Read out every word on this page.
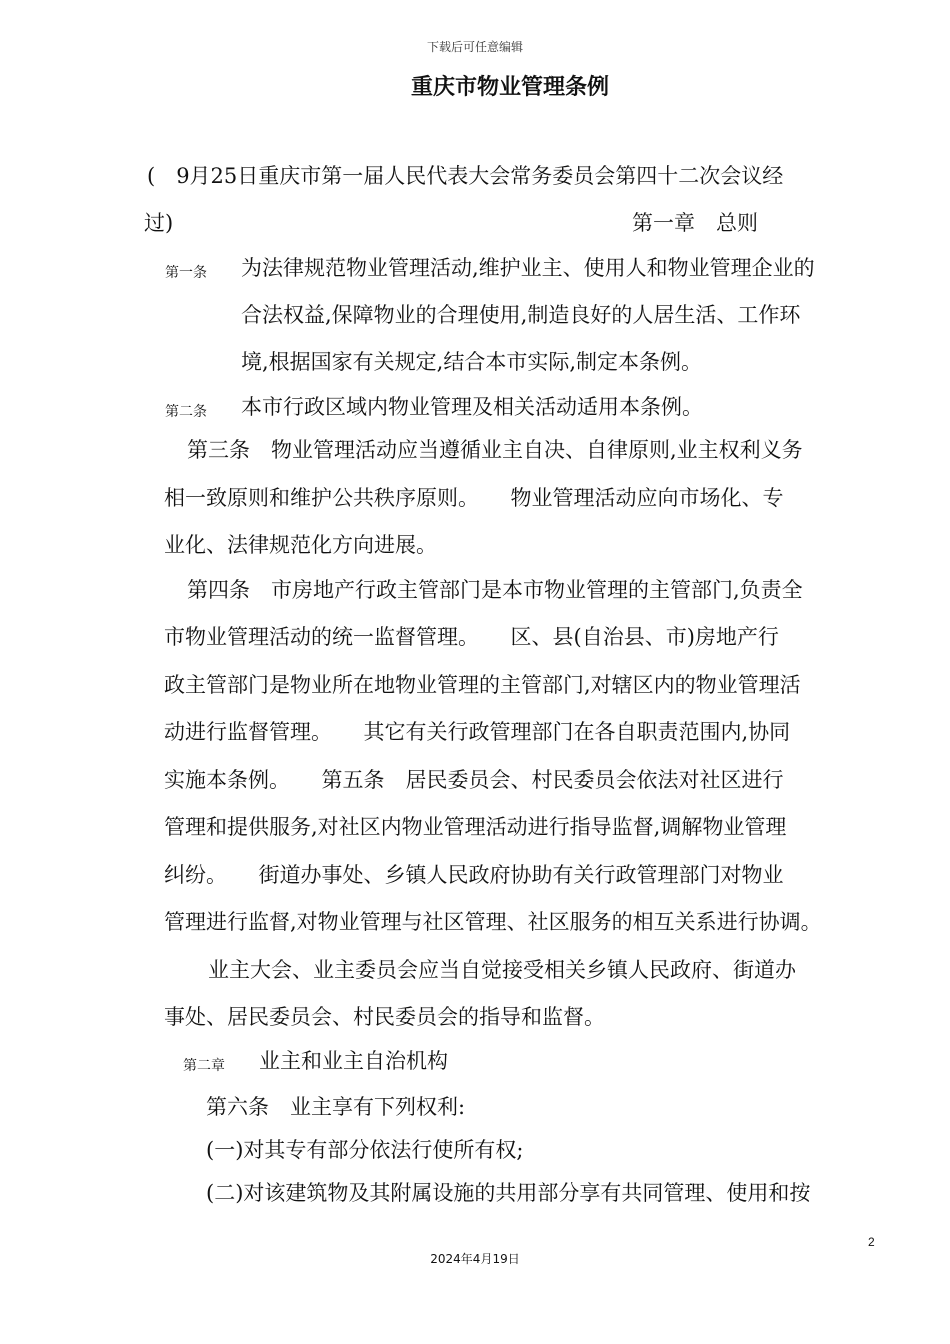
下载后可任意编辑
重庆市物业管理条例
(　9月25日重庆市第一届人民代表大会常务委员会第四十二次会议经
过)	第一章　总则
第一条 为法律规范物业管理活动,维护业主、使用人和物业管理企业的
合法权益,保障物业的合理使用,制造良好的人居生活、工作环
境,根据国家有关规定,结合本市实际,制定本条例。
第二条 本市行政区域内物业管理及相关活动适用本条例。
第三条　物业管理活动应当遵循业主自决、自律原则,业主权利义务
相一致原则和维护公共秩序原则。　　物业管理活动应向市场化、专
业化、法律规范化方向进展。
第四条　市房地产行政主管部门是本市物业管理的主管部门,负责全
市物业管理活动的统一监督管理。　　区、县(自治县、市)房地产行
政主管部门是物业所在地物业管理的主管部门,对辖区内的物业管理活
动进行监督管理。　　其它有关行政管理部门在各自职责范围内,协同
实施本条例。　　第五条　居民委员会、村民委员会依法对社区进行
管理和提供服务,对社区内物业管理活动进行指导监督,调解物业管理
纠纷。　　街道办事处、乡镇人民政府协助有关行政管理部门对物业
管理进行监督,对物业管理与社区管理、社区服务的相互关系进行协调。
业主大会、业主委员会应当自觉接受相关乡镇人民政府、街道办
事处、居民委员会、村民委员会的指导和监督。
第二章 业主和业主自治机构
第六条　业主享有下列权利:
(一)对其专有部分依法行使所有权;
(二)对该建筑物及其附属设施的共用部分享有共同管理、使用和按
2
2024年4月19日
